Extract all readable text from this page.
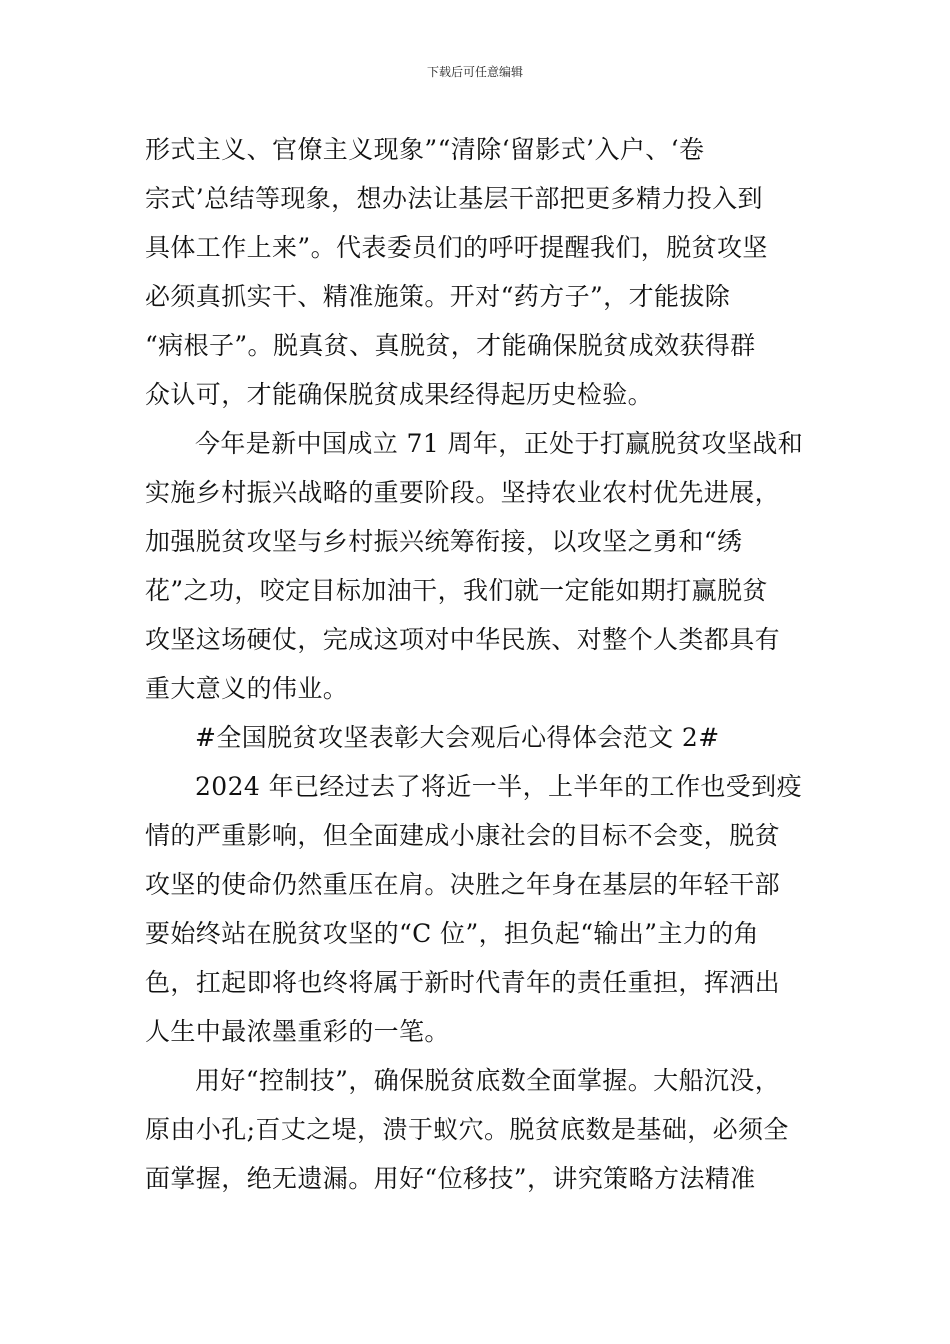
下载后可任意编辑
形式主义、官僚主义现象”“清除‘留影式’入户、‘卷
宗式’总结等现象，想办法让基层干部把更多精力投入到
具体工作上来”。代表委员们的呼吁提醒我们，脱贫攻坚
必须真抓实干、精准施策。开对“药方子”，才能拔除
“病根子”。脱真贫、真脱贫，才能确保脱贫成效获得群
众认可，才能确保脱贫成果经得起历史检验。
今年是新中国成立 71 周年，正处于打赢脱贫攻坚战和
实施乡村振兴战略的重要阶段。坚持农业农村优先进展，
加强脱贫攻坚与乡村振兴统筹衔接，以攻坚之勇和“绣
花”之功，咬定目标加油干，我们就一定能如期打赢脱贫
攻坚这场硬仗，完成这项对中华民族、对整个人类都具有
重大意义的伟业。
#全国脱贫攻坚表彰大会观后心得体会范文 2#
2024 年已经过去了将近一半，上半年的工作也受到疫
情的严重影响，但全面建成小康社会的目标不会变，脱贫
攻坚的使命仍然重压在肩。决胜之年身在基层的年轻干部
要始终站在脱贫攻坚的“C 位”，担负起“输出”主力的角
色，扛起即将也终将属于新时代青年的责任重担，挥洒出
人生中最浓墨重彩的一笔。
用好“控制技”，确保脱贫底数全面掌握。大船沉没，
原由小孔;百丈之堤，溃于蚁穴。脱贫底数是基础，必须全
面掌握，绝无遗漏。用好“位移技”，讲究策略方法精准
